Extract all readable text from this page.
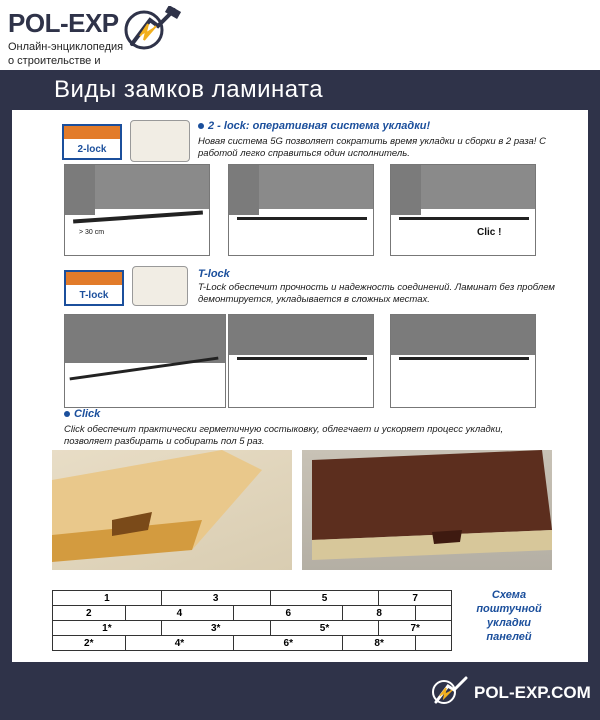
POL-EXP
Онлайн-энциклопедия о строительстве и
Виды замков ламината
2-lock
2 - lock: оперативная система укладки!
Новая система 5G позволяет сократить время укладки и сборки в 2 раза! С работой легко справиться один исполнитель.
> 30 cm	Clic !
T-lock
T-lock
T-Lock обеспечит прочность и надежность соединений. Ламинат без проблем демонтируется, укладывается в сложных местах.
Click
Click обеспечит практически герметичную состыковку, облегчает и ускоряет процесс укладки, позволяет разбирать и собирать пол 5 раз.
1		3		5		7	
2	4		6		8		
1*		3*		5*		7*	
2*	4*		6*		8*		
Схема поштучной укладки панелей
POL-EXP.COM
